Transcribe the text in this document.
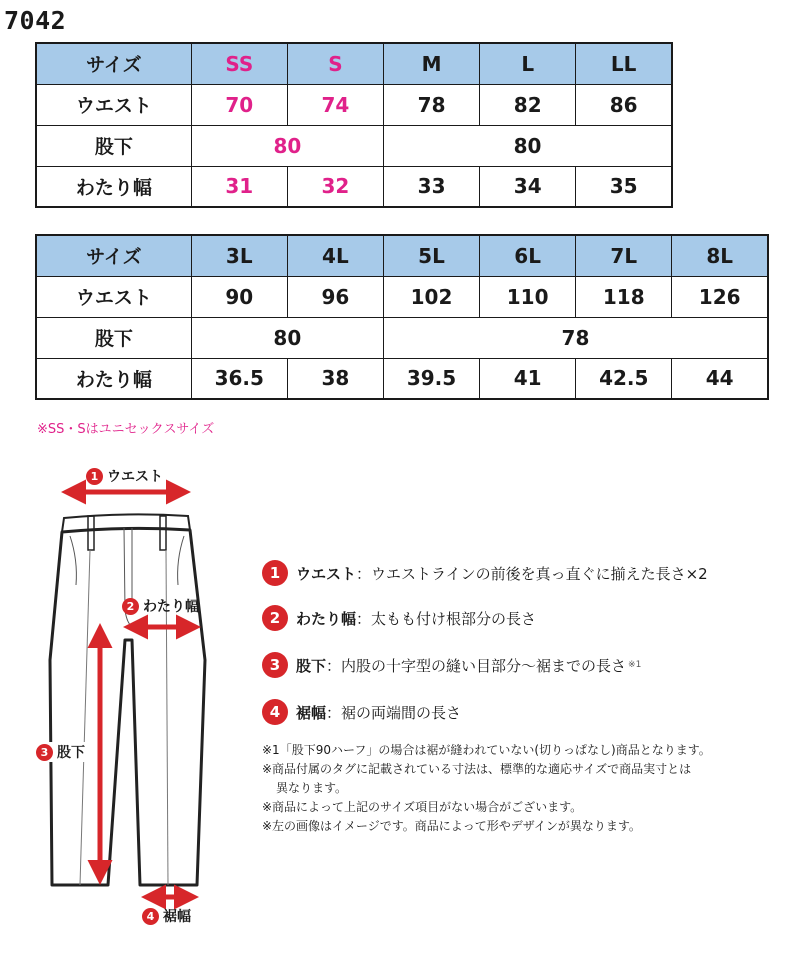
7042
サイズ	SS	S	M	L	LL
ウエスト	70	74	78	82	86
股下	80		80		
わたり幅	31	32	33	34	35
サイズ	3L	4L	5L	6L	7L	8L
ウエスト	90	96	102	110	118	126
股下	80		78			
わたり幅	36.5	38	39.5	41	42.5	44
※SS・Sはユニセックスサイズ
1 ウエスト
2 わたり幅
3 股下
4 裾幅
1	ウエスト ：ウエストラインの前後を真っ直ぐに揃えた長さ×2
2	わたり幅 ：太もも付け根部分の長さ
3	股下 ：内股の十字型の縫い目部分～裾までの長さ ※1
4	裾幅 ：裾の両端間の長さ
※1「股下90ハーフ」の場合は裾が縫われていない(切りっぱなし)商品となります。
※商品付属のタグに記載されている寸法は、標準的な適応サイズで商品実寸とは
異なります。
※商品によって上記のサイズ項目がない場合がございます。
※左の画像はイメージです。商品によって形やデザインが異なります。
